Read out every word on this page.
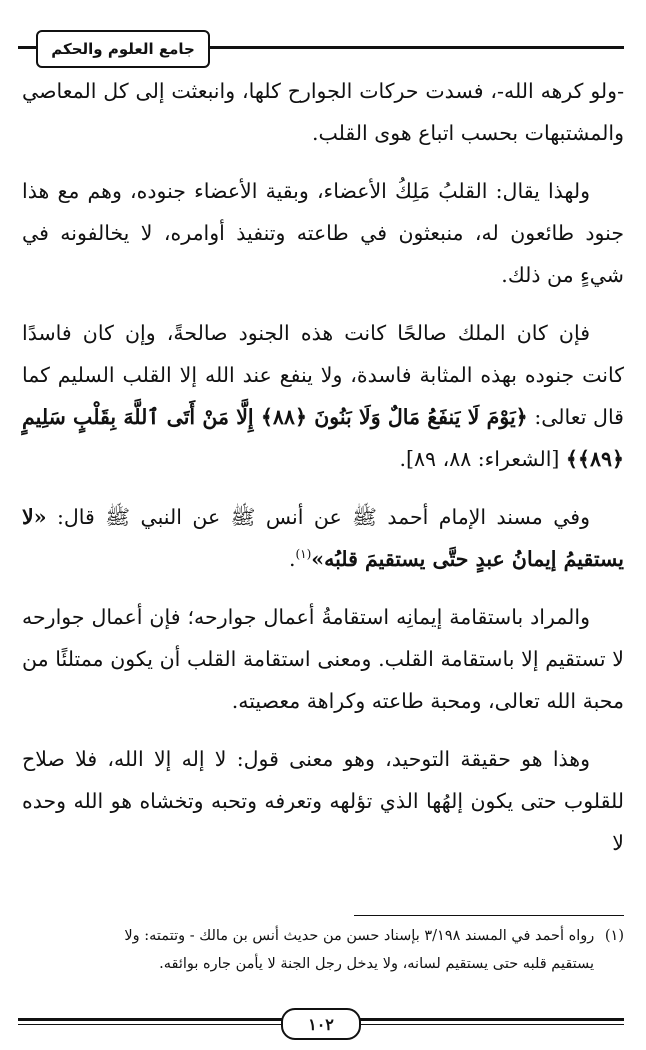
جامع العلوم والحكم

-ولو كرهه الله-، فسدت حركات الجوارح كلها، وانبعثت إلى كل المعاصي والمشتبهات بحسب اتباع هوى القلب.

ولهذا يقال: القلبُ مَلِكُ الأعضاء، وبقية الأعضاء جنوده، وهم مع هذا جنود طائعون له، منبعثون في طاعته وتنفيذ أوامره، لا يخالفونه في شيءٍ من ذلك.

فإن كان الملك صالحًا كانت هذه الجنود صالحةً، وإن كان فاسدًا كانت جنوده بهذه المثابة فاسدة، ولا ينفع عند الله إلا القلب السليم كما قال تعالى: ﴿يَوْمَ لَا يَنفَعُ مَالٌ وَلَا بَنُونَ ﴿٨٨﴾ إِلَّا مَنْ أَتَى ٱللَّهَ بِقَلْبٍ سَلِيمٍ ﴿٨٩﴾﴾ [الشعراء: ٨٨، ٨٩].

وفي مسند الإمام أحمد ﷺ عن أنس ﷺ عن النبي ﷺ قال: «لا يستقيمُ إيمانُ عبدٍ حتَّى يستقيمَ قلبُه»$^{(١)}$.

والمراد باستقامة إيمانِه استقامةُ أعمال جوارحه؛ فإن أعمال جوارحه لا تستقيم إلا باستقامة القلب. ومعنى استقامة القلب أن يكون ممتلئًا من محبة الله تعالى، ومحبة طاعته وكراهة معصيته.

وهذا هو حقيقة التوحيد، وهو معنى قول: لا إله إلا الله، فلا صلاح للقلوب حتى يكون إلهُها الذي تؤلهه وتعرفه وتحبه وتخشاه هو الله وحده لا

(١) رواه أحمد في المسند ٣/١٩٨ بإسناد حسن من حديث أنس بن مالك - وتتمته: ولا
يستقيم قلبه حتى يستقيم لسانه، ولا يدخل رجل الجنة لا يأمن جاره بوائقه.
١٠٢
